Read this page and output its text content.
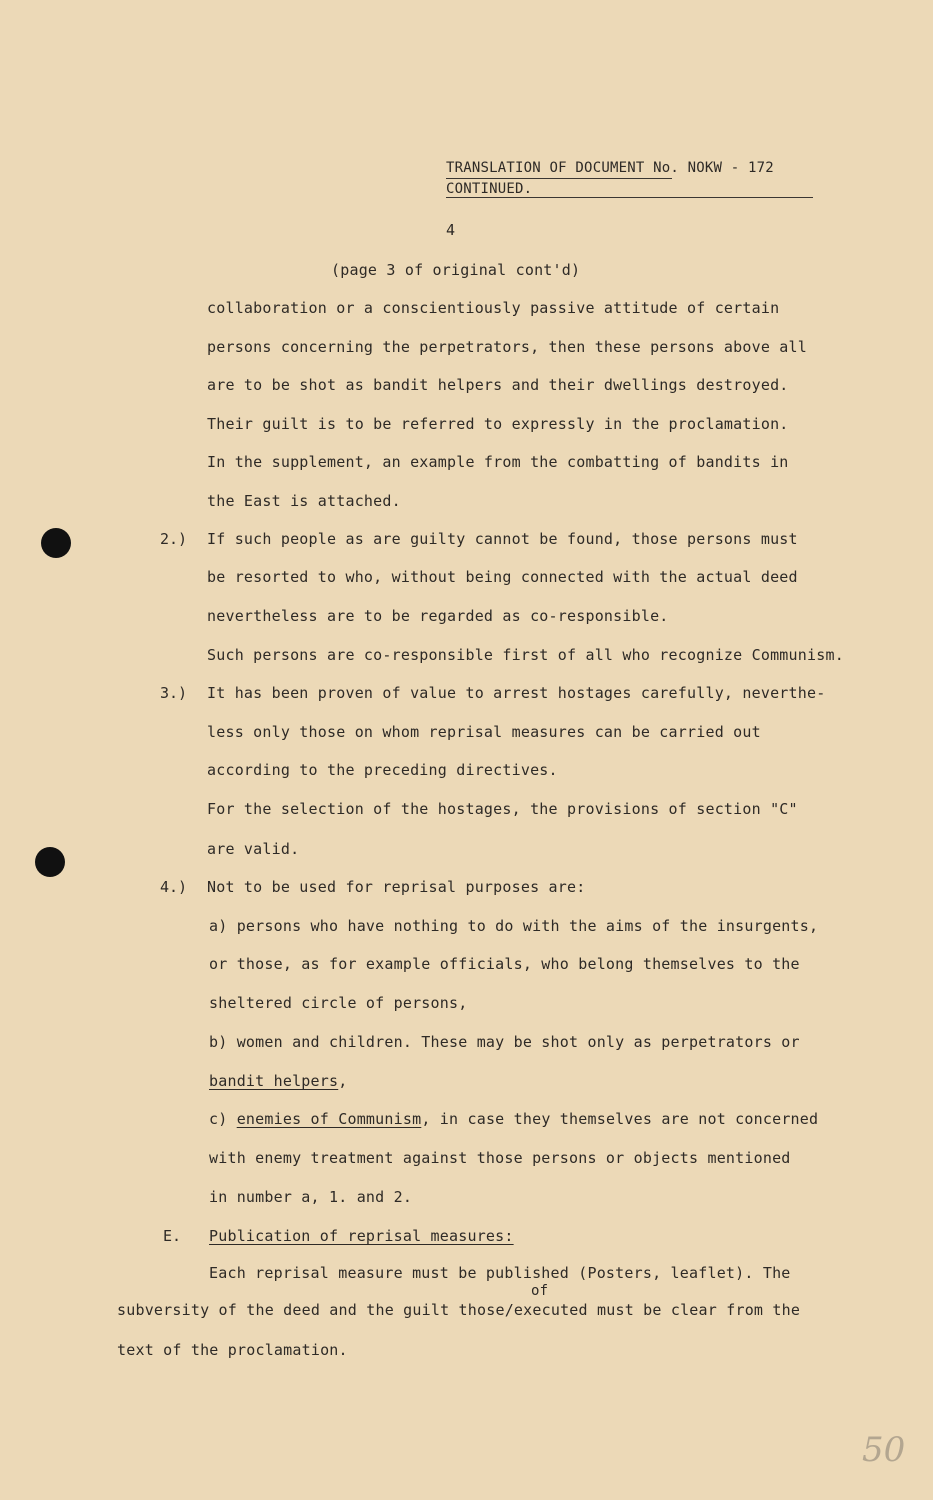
TRANSLATION OF DOCUMENT No. NOKW - 172
CONTINUED.
4
(page 3 of original cont'd)
collaboration or a conscientiously passive attitude of certain
persons concerning the perpetrators, then these persons above all
are to be shot as bandit helpers and their dwellings destroyed.
Their guilt is to be referred to expressly in the proclamation.
In the supplement, an example from the combatting of bandits in
the East is attached.
2.) If such people as are guilty cannot be found, those persons must
be resorted to who, without being connected with the actual deed
nevertheless are to be regarded as co-responsible.
Such persons are co-responsible first of all who recognize Communism.
3.) It has been proven of value to arrest hostages carefully, neverthe-
less only those on whom reprisal measures can be carried out
according to the preceding directives.
For the selection of the hostages, the provisions of section "C"
are valid.
4.) Not to be used for reprisal purposes are:
a) persons who have nothing to do with the aims of the insurgents,
or those, as for example officials, who belong themselves to the
sheltered circle of persons,
b) women and children. These may be shot only as perpetrators or
bandit helpers,
c) enemies of Communism, in case they themselves are not concerned
with enemy treatment against those persons or objects mentioned
in number a, 1. and 2.
E. Publication of reprisal measures:
Each reprisal measure must be published (Posters, leaflet). The
of
subversity of the deed and the guilt those/executed must be clear from the
text of the proclamation.
50
